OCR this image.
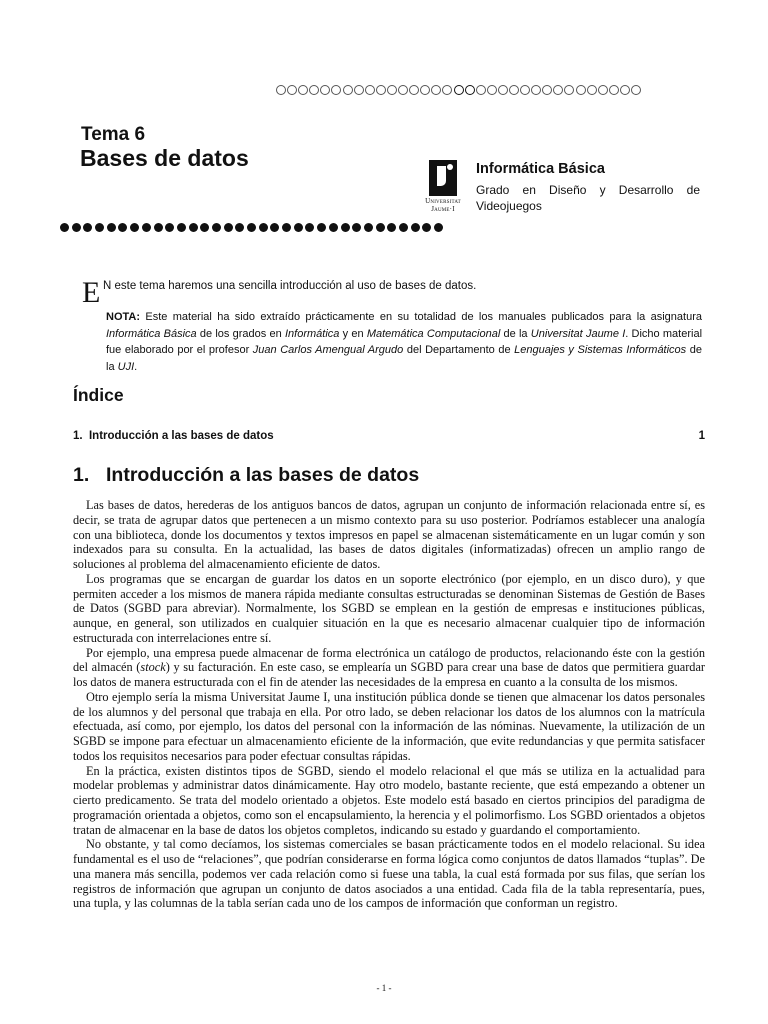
Tema 6
Bases de datos
Universitat
Jaume·I
Informática Básica
Grado en Diseño y Desarrollo de Videojuegos
E N este tema haremos una sencilla introducción al uso de bases de datos.
NOTA: Este material ha sido extraído prácticamente en su totalidad de los manuales publicados para la asignatura Informática Básica de los grados en Informática y en Matemática Computacional de la Universitat Jaume I. Dicho material fue elaborado por el profesor Juan Carlos Amengual Argudo del Departamento de Lenguajes y Sistemas Informáticos de la UJI.
Índice
1. Introducción a las bases de datos	1
1. Introducción a las bases de datos

Las bases de datos, herederas de los antiguos bancos de datos, agrupan un conjunto de información relacionada entre sí, es decir, se trata de agrupar datos que pertenecen a un mismo contexto para su uso posterior. Podríamos establecer una analogía con una biblioteca, donde los documentos y textos impresos en papel se almacenan sistemáticamente en un lugar común y son indexados para su consulta. En la actualidad, las bases de datos digitales (informatizadas) ofrecen un amplio rango de soluciones al problema del almacenamiento eficiente de datos.

Los programas que se encargan de guardar los datos en un soporte electrónico (por ejemplo, en un disco duro), y que permiten acceder a los mismos de manera rápida mediante consultas estructuradas se denominan Sistemas de Gestión de Bases de Datos (SGBD para abreviar). Normalmente, los SGBD se emplean en la gestión de empresas e instituciones públicas, aunque, en general, son utilizados en cualquier situación en la que es necesario almacenar cualquier tipo de información estructurada con interrelaciones entre sí.

Por ejemplo, una empresa puede almacenar de forma electrónica un catálogo de productos, relacionando éste con la gestión del almacén (stock) y su facturación. En este caso, se emplearía un SGBD para crear una base de datos que permitiera guardar los datos de manera estructurada con el fin de atender las necesidades de la empresa en cuanto a la consulta de los mismos.

Otro ejemplo sería la misma Universitat Jaume I, una institución pública donde se tienen que almacenar los datos personales de los alumnos y del personal que trabaja en ella. Por otro lado, se deben relacionar los datos de los alumnos con la matrícula efectuada, así como, por ejemplo, los datos del personal con la información de las nóminas. Nuevamente, la utilización de un SGBD se impone para efectuar un almacenamiento eficiente de la información, que evite redundancias y que permita satisfacer todos los requisitos necesarios para poder efectuar consultas rápidas.

En la práctica, existen distintos tipos de SGBD, siendo el modelo relacional el que más se utiliza en la actualidad para modelar problemas y administrar datos dinámicamente. Hay otro modelo, bastante reciente, que está empezando a obtener un cierto predicamento. Se trata del modelo orientado a objetos. Este modelo está basado en ciertos principios del paradigma de programación orientada a objetos, como son el encapsulamiento, la herencia y el polimorfismo. Los SGBD orientados a objetos tratan de almacenar en la base de datos los objetos completos, indicando su estado y guardando el comportamiento.

No obstante, y tal como decíamos, los sistemas comerciales se basan prácticamente todos en el modelo relacional. Su idea fundamental es el uso de “relaciones”, que podrían considerarse en forma lógica como conjuntos de datos llamados “tuplas”. De una manera más sencilla, podemos ver cada relación como si fuese una tabla, la cual está formada por sus filas, que serían los registros de información que agrupan un conjunto de datos asociados a una entidad. Cada fila de la tabla representaría, pues, una tupla, y las columnas de la tabla serían cada uno de los campos de información que conforman un registro.

- 1 -
